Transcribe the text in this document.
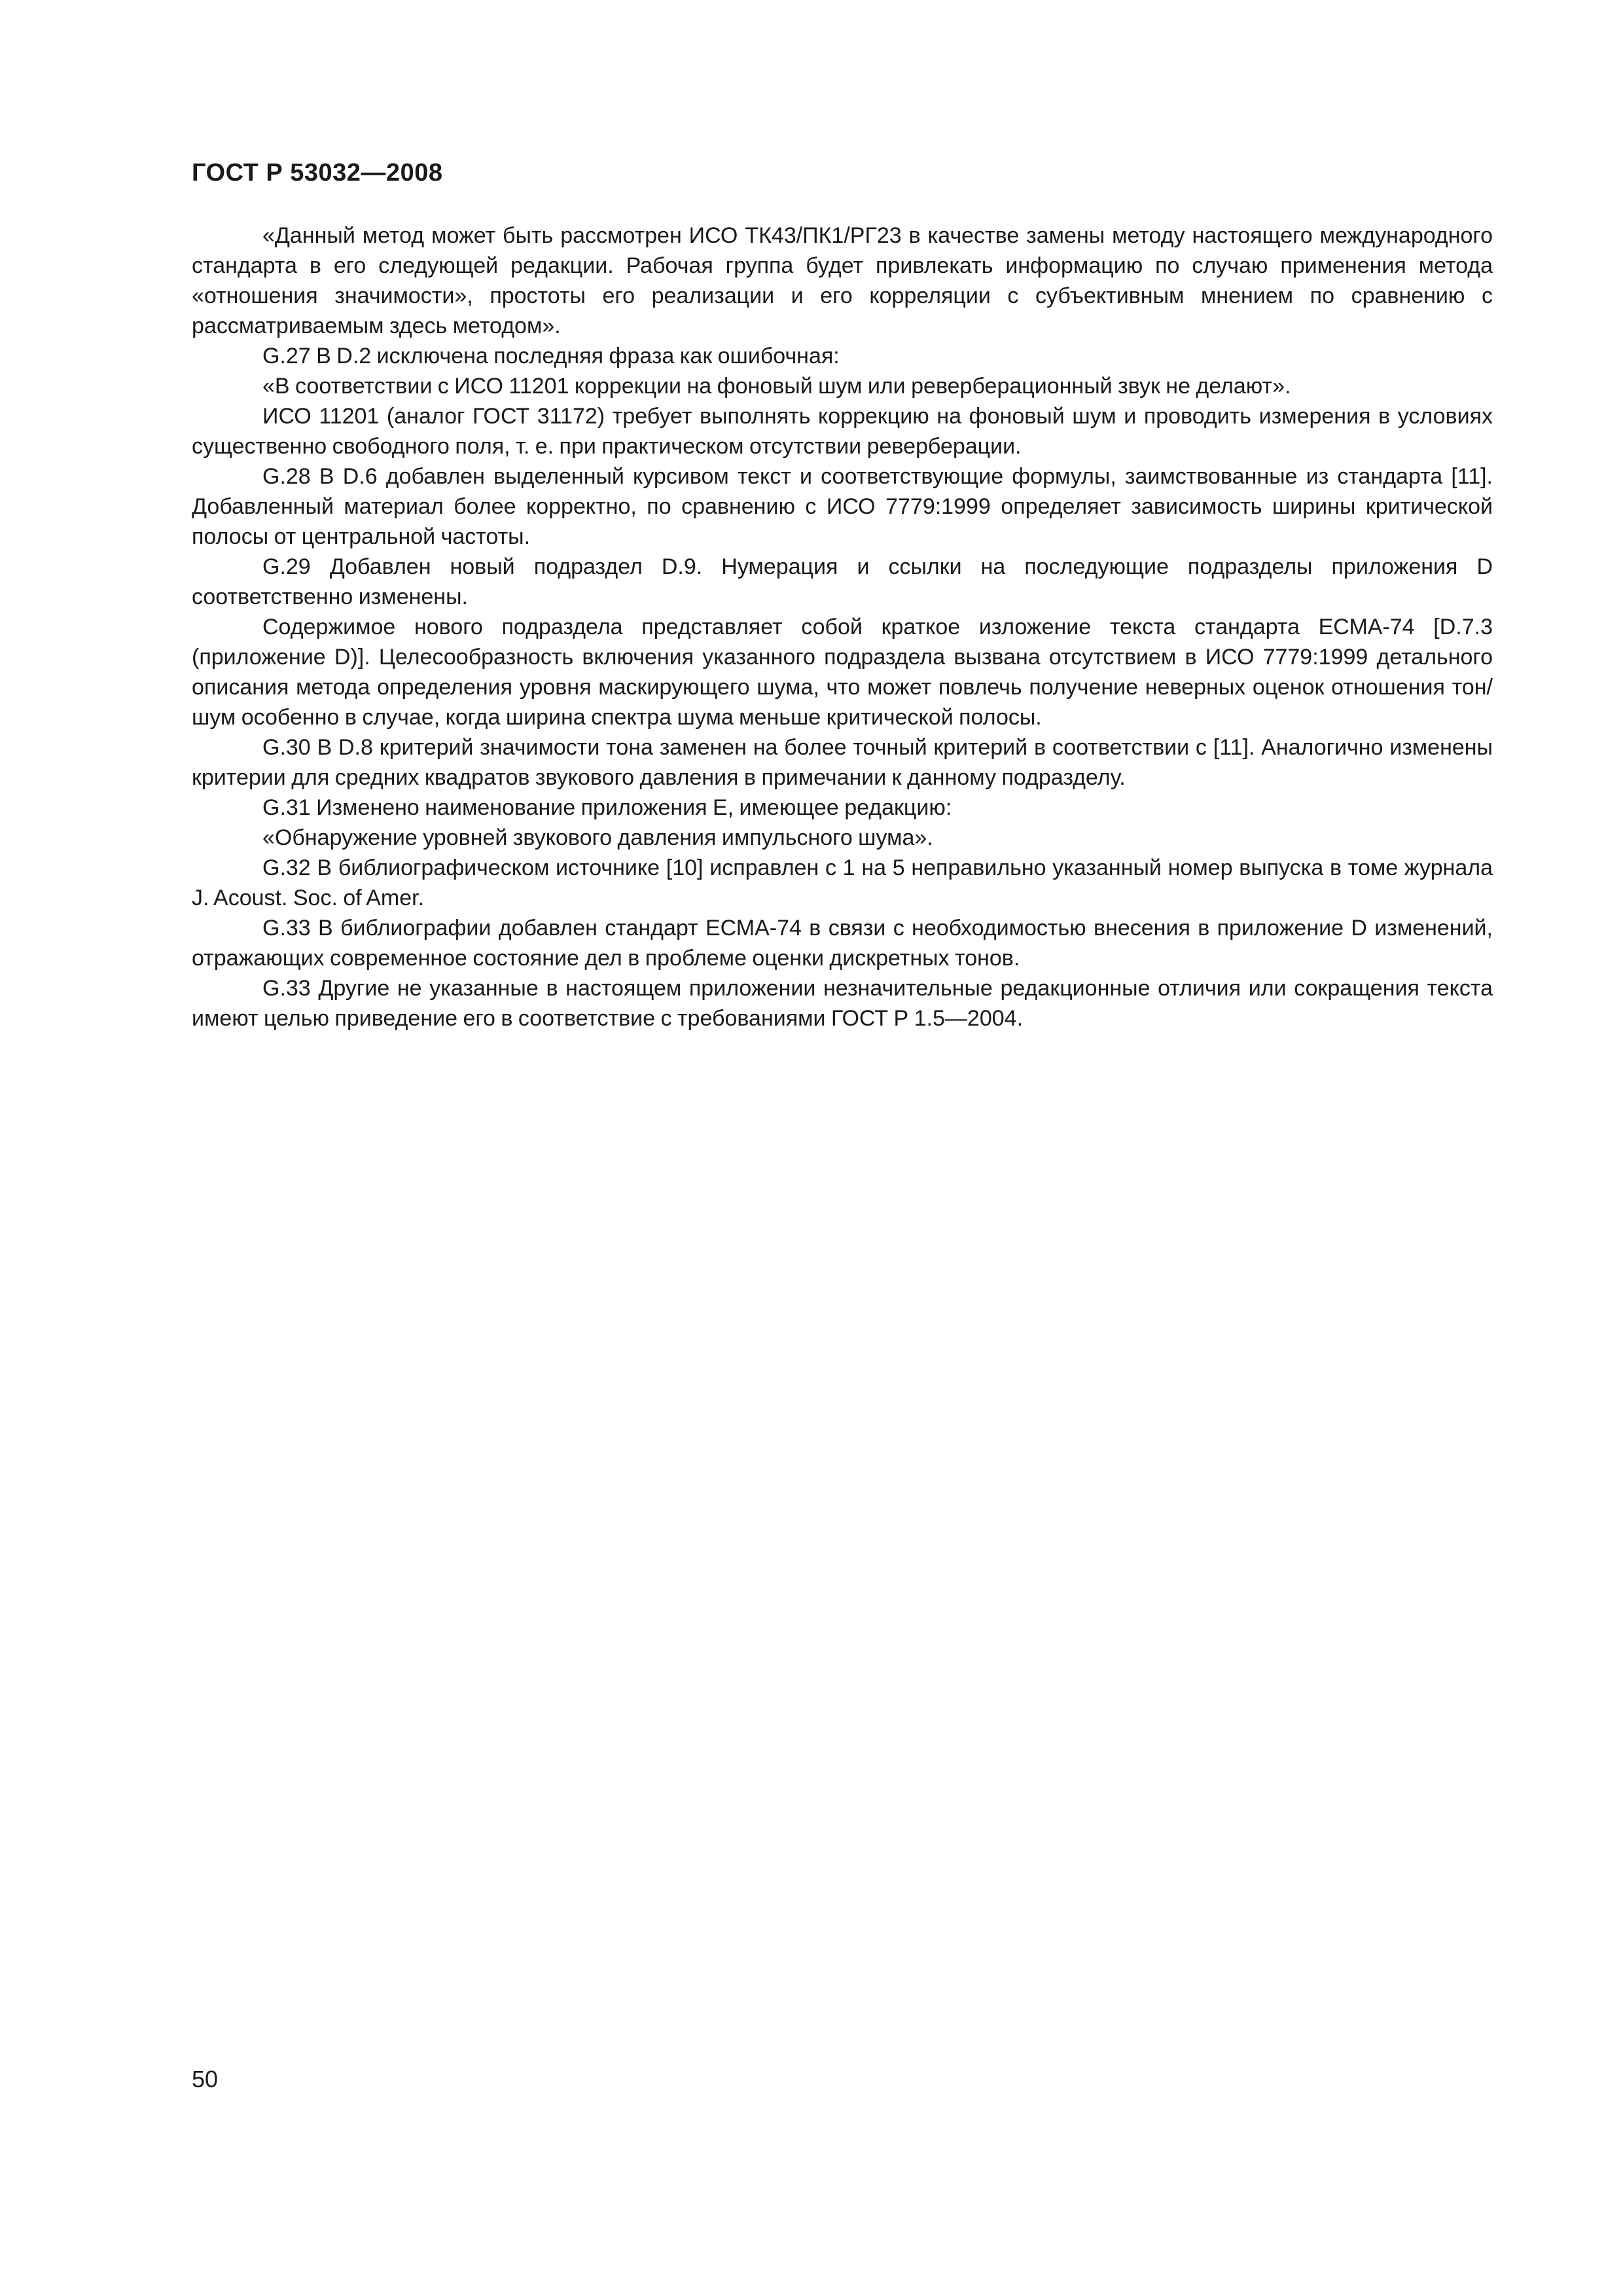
ГОСТ Р 53032—2008

«Данный метод может быть рассмотрен ИСО ТК43/ПК1/РГ23 в качестве замены методу настоящего международного стандарта в его следующей редакции. Рабочая группа будет привлекать информацию по случаю применения метода «отношения значимости», простоты его реализации и его корреляции с субъективным мнением по сравнению с рассматриваемым здесь методом».

G.27 В D.2 исключена последняя фраза как ошибочная:

«В соответствии с ИСО 11201 коррекции на фоновый шум или реверберационный звук не делают».

ИСО 11201 (аналог ГОСТ 31172) требует выполнять коррекцию на фоновый шум и проводить измерения в условиях существенно свободного поля, т. е. при практическом отсутствии реверберации.

G.28 В D.6 добавлен выделенный курсивом текст и соответствующие формулы, заимствованные из стандарта [11]. Добавленный материал более корректно, по сравнению с ИСО 7779:1999 определяет зависимость ширины критической полосы от центральной частоты.

G.29 Добавлен новый подраздел D.9. Нумерация и ссылки на последующие подразделы приложения D соответственно изменены.

Содержимое нового подраздела представляет собой краткое изложение текста стандарта ЕСМА-74 [D.7.3 (приложение D)]. Целесообразность включения указанного подраздела вызвана отсутствием в ИСО 7779:1999 детального описания метода определения уровня маскирующего шума, что может повлечь получение неверных оценок отношения тон/шум особенно в случае, когда ширина спектра шума меньше критической полосы.

G.30 В D.8 критерий значимости тона заменен на более точный критерий в соответствии с [11]. Аналогично изменены критерии для средних квадратов звукового давления в примечании к данному подразделу.

G.31 Изменено наименование приложения Е, имеющее редакцию:

«Обнаружение уровней звукового давления импульсного шума».

G.32 В библиографическом источнике [10] исправлен с 1 на 5 неправильно указанный номер выпуска в томе журнала J. Acoust. Soc. of Amer.

G.33 В библиографии добавлен стандарт ЕСМА-74 в связи с необходимостью внесения в приложение D изменений, отражающих современное состояние дел в проблеме оценки дискретных тонов.

G.33 Другие не указанные в настоящем приложении незначительные редакционные отличия или сокращения текста имеют целью приведение его в соответствие с требованиями ГОСТ Р 1.5—2004.

50
